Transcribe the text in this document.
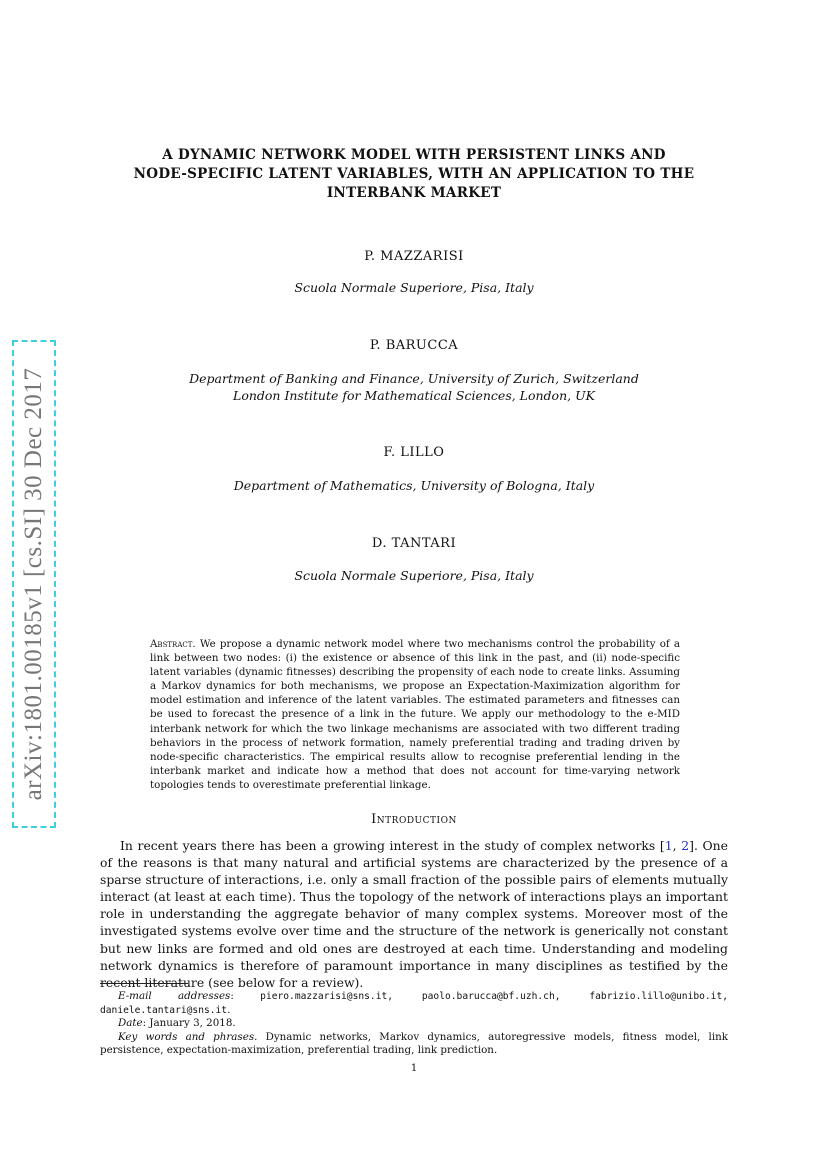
arXiv:1801.00185v1 [cs.SI] 30 Dec 2017
A DYNAMIC NETWORK MODEL WITH PERSISTENT LINKS AND
NODE-SPECIFIC LATENT VARIABLES, WITH AN APPLICATION TO THE
INTERBANK MARKET
P. MAZZARISI
Scuola Normale Superiore, Pisa, Italy
P. BARUCCA
Department of Banking and Finance, University of Zurich, Switzerland
London Institute for Mathematical Sciences, London, UK
F. LILLO
Department of Mathematics, University of Bologna, Italy
D. TANTARI
Scuola Normale Superiore, Pisa, Italy

Abstract. We propose a dynamic network model where two mechanisms control the probability of a link between two nodes: (i) the existence or absence of this link in the past, and (ii) node-specific latent variables (dynamic fitnesses) describing the propensity of each node to create links. Assuming a Markov dynamics for both mechanisms, we propose an Expectation-Maximization algorithm for model estimation and inference of the latent variables. The estimated parameters and fitnesses can be used to forecast the presence of a link in the future. We apply our methodology to the e-MID interbank network for which the two linkage mechanisms are associated with two different trading behaviors in the process of network formation, namely preferential trading and trading driven by node-specific characteristics. The empirical results allow to recognise preferential lending in the interbank market and indicate how a method that does not account for time-varying network topologies tends to overestimate preferential linkage.

Introduction

In recent years there has been a growing interest in the study of complex networks [1, 2]. One of the reasons is that many natural and artificial systems are characterized by the presence of a sparse structure of interactions, i.e. only a small fraction of the possible pairs of elements mutually interact (at least at each time). Thus the topology of the network of interactions plays an important role in understanding the aggregate behavior of many complex systems. Moreover most of the investigated systems evolve over time and the structure of the network is generically not constant but new links are formed and old ones are destroyed at each time. Understanding and modeling network dynamics is therefore of paramount importance in many disciplines as testified by the recent literature (see below for a review).

E-mail addresses: piero.mazzarisi@sns.it, paolo.barucca@bf.uzh.ch, fabrizio.lillo@unibo.it, daniele.tantari@sns.it.

Date: January 3, 2018.

Key words and phrases. Dynamic networks, Markov dynamics, autoregressive models, fitness model, link persistence, expectation-maximization, preferential trading, link prediction.

1
